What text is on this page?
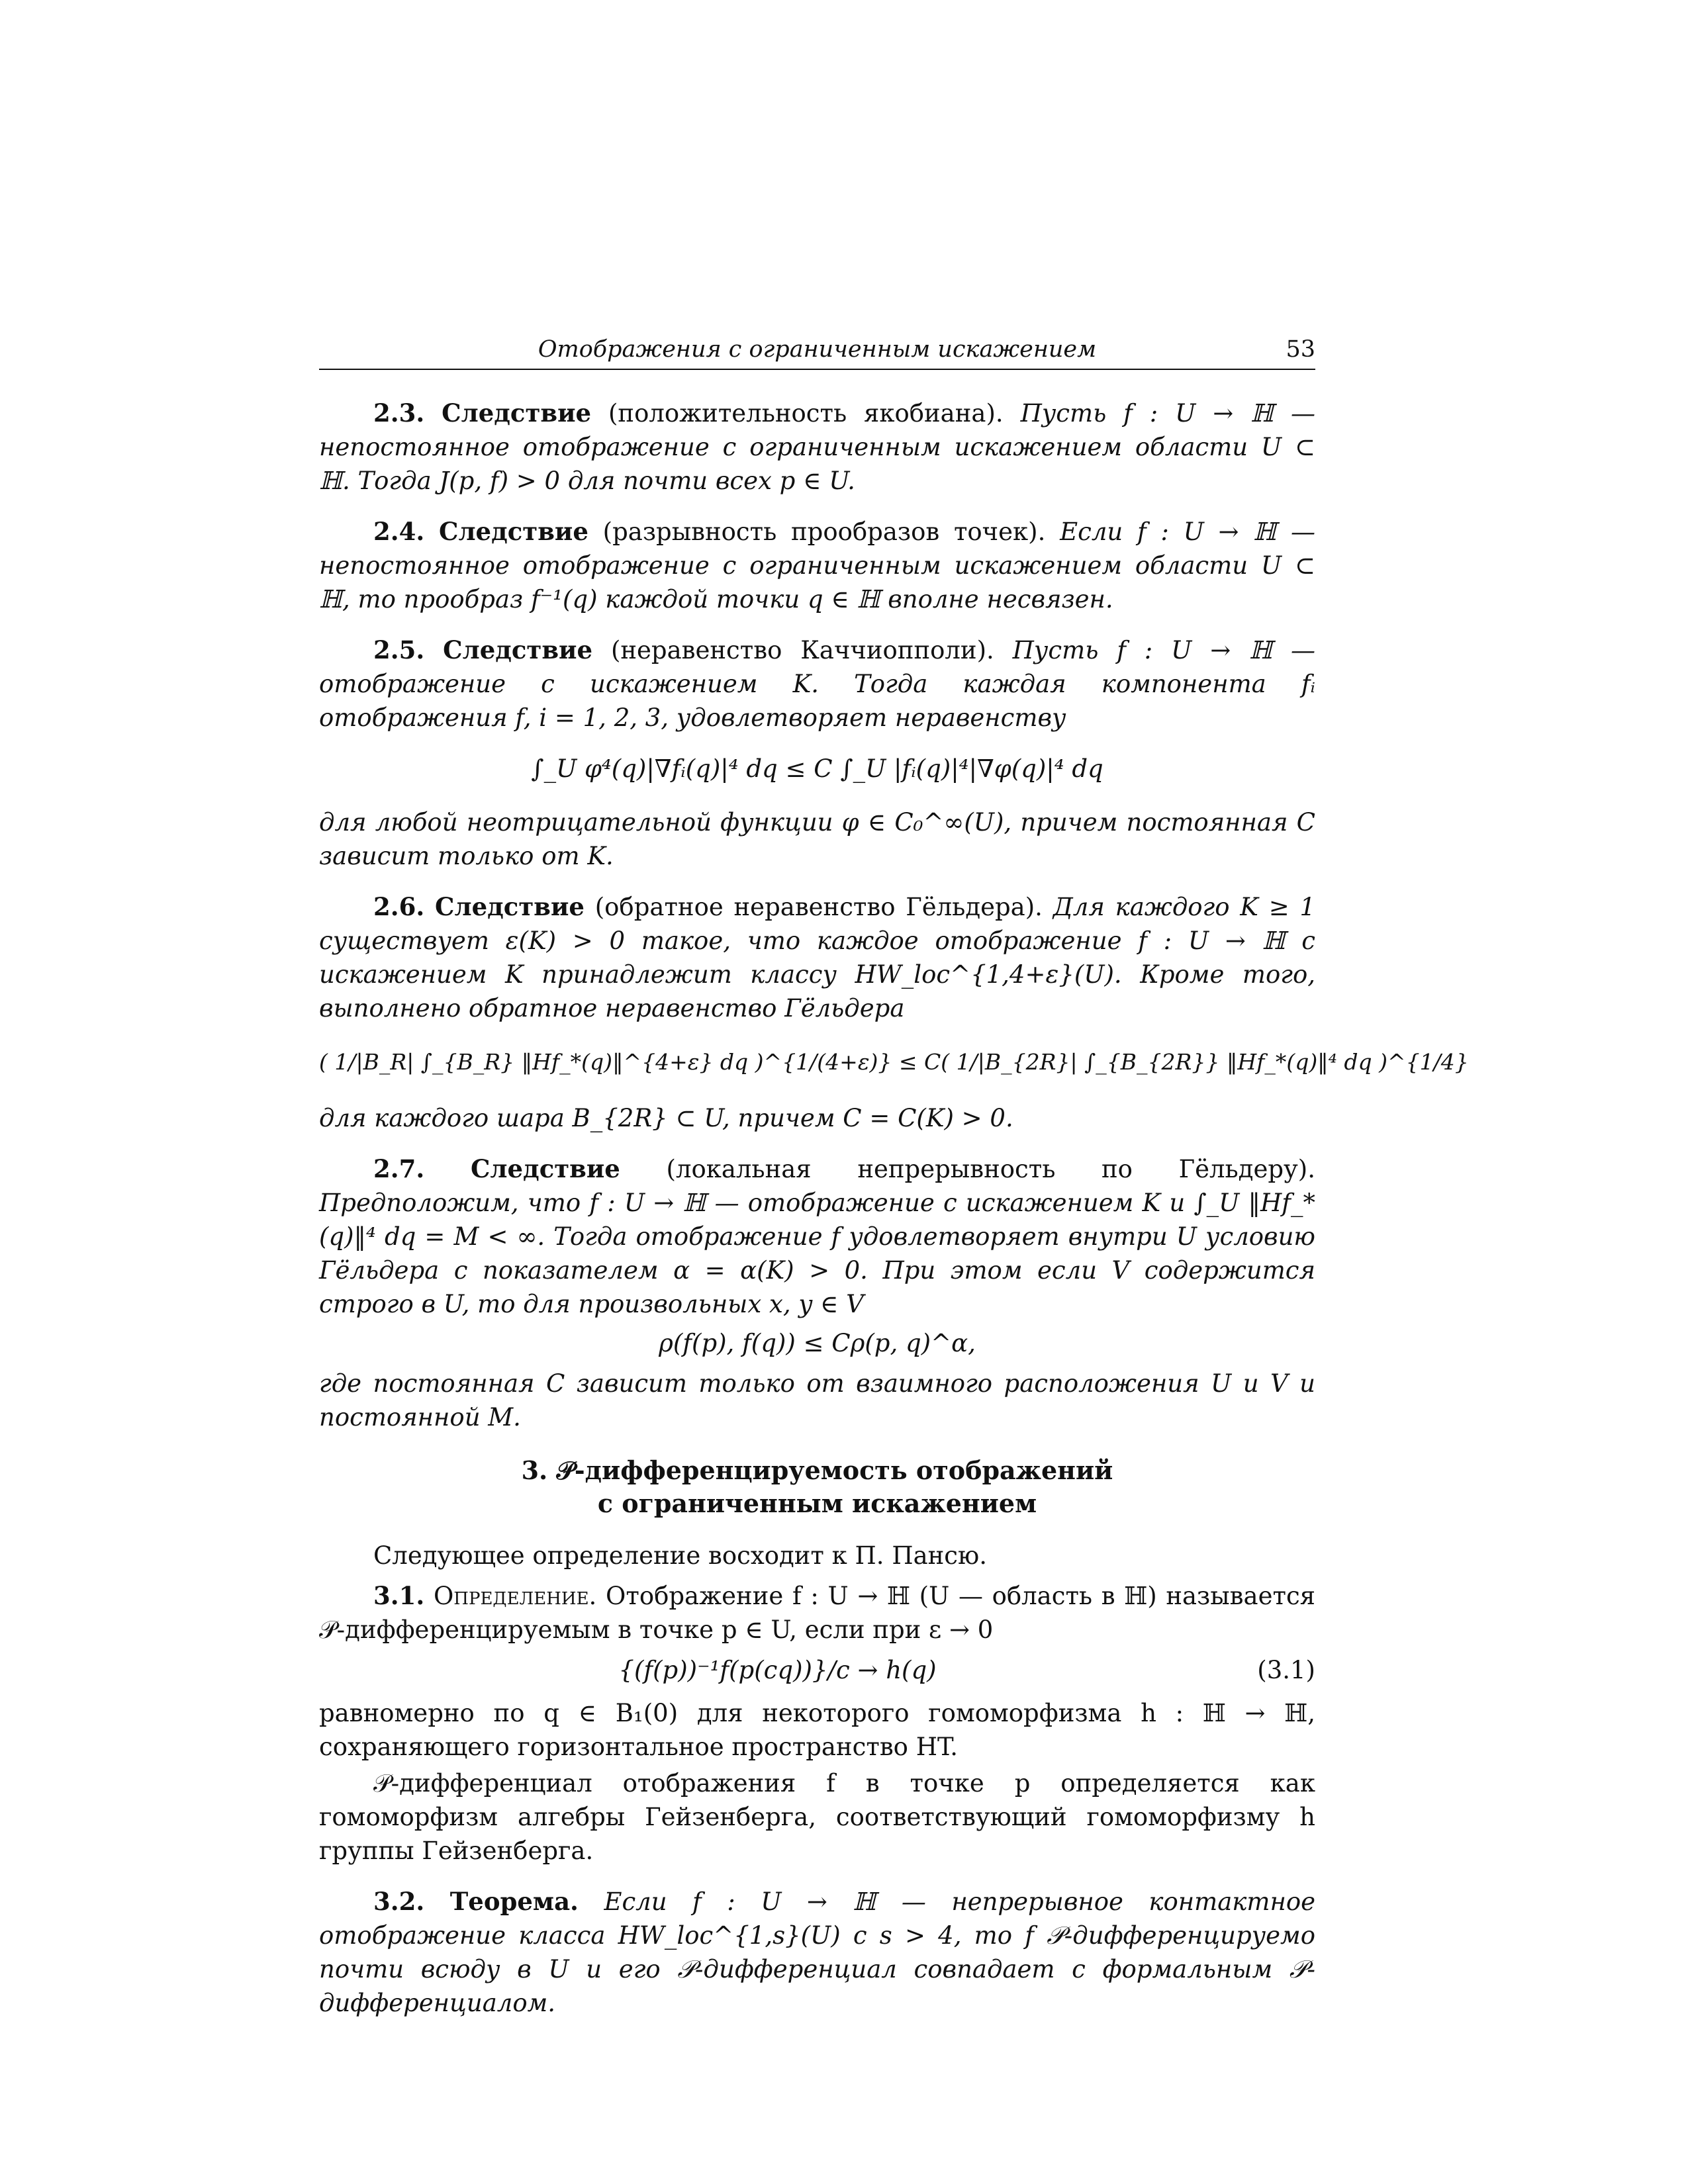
Отображения с ограниченным искажением	53

2.3. Следствие (положительность якобиана). Пусть f : U → ℍ — непостоянное отображение с ограниченным искажением области U ⊂ ℍ. Тогда J(p, f) > 0 для почти всех p ∈ U.

2.4. Следствие (разрывность прообразов точек). Если f : U → ℍ — непостоянное отображение с ограниченным искажением области U ⊂ ℍ, то прообраз f⁻¹(q) каждой точки q ∈ ℍ вполне несвязен.

2.5. Следствие (неравенство Каччиоппoли). Пусть f : U → ℍ — отображение с искажением K. Тогда каждая компонента fᵢ отображения f, i = 1, 2, 3, удовлетворяет неравенству

∫_U φ⁴(q)|∇fᵢ(q)|⁴ dq ≤ C ∫_U |fᵢ(q)|⁴|∇φ(q)|⁴ dq

для любой неотрицательной функции φ ∈ C₀^∞(U), причем постоянная C зависит только от K.

2.6. Следствие (обратное неравенство Гёльдера). Для каждого K ≥ 1 существует ε(K) > 0 такое, что каждое отображение f : U → ℍ с искажением K принадлежит классу HW_loc^{1,4+ε}(U). Кроме того, выполнено обратное неравенство Гёльдера

( 1/|B_R| ∫_{B_R} ‖Hf_*(q)‖^{4+ε} dq )^{1/(4+ε)} ≤ C( 1/|B_{2R}| ∫_{B_{2R}} ‖Hf_*(q)‖⁴ dq )^{1/4}

для каждого шара B_{2R} ⊂ U, причем C = C(K) > 0.

2.7. Следствие (локальная непрерывность по Гёльдеру). Предположим, что f : U → ℍ — отображение с искажением K и ∫_U ‖Hf_*(q)‖⁴ dq = M < ∞. Тогда отображение f удовлетворяет внутри U условию Гёльдера с показателем α = α(K) > 0. При этом если V содержится строго в U, то для произвольных x, y ∈ V

ρ(f(p), f(q)) ≤ Cρ(p, q)^α,

где постоянная C зависит только от взаимного расположения U и V и постоянной M.

3. 𝒫-дифференцируемость отображений
с ограниченным искажением

Следующее определение восходит к П. Пансю.

3.1. Определение. Отображение f : U → ℍ (U — область в ℍ) называется 𝒫-дифференцируемым в точке p ∈ U, если при ε → 0

{(f(p))⁻¹f(p(cq))}/c → h(q)	(3.1)

равномерно по q ∈ B₁(0) для некоторого гомоморфизма h : ℍ → ℍ, сохраняющего горизонтальное пространство HT.

𝒫-дифференциал отображения f в точке p определяется как гомоморфизм алгебры Гейзенберга, соответствующий гомоморфизму h группы Гейзенберга.

3.2. Теорема. Если f : U → ℍ — непрерывное контактное отображение класса HW_loc^{1,s}(U) с s > 4, то f 𝒫-дифференцируемо почти всюду в U и его 𝒫-дифференциал совпадает с формальным 𝒫-дифференциалом.
